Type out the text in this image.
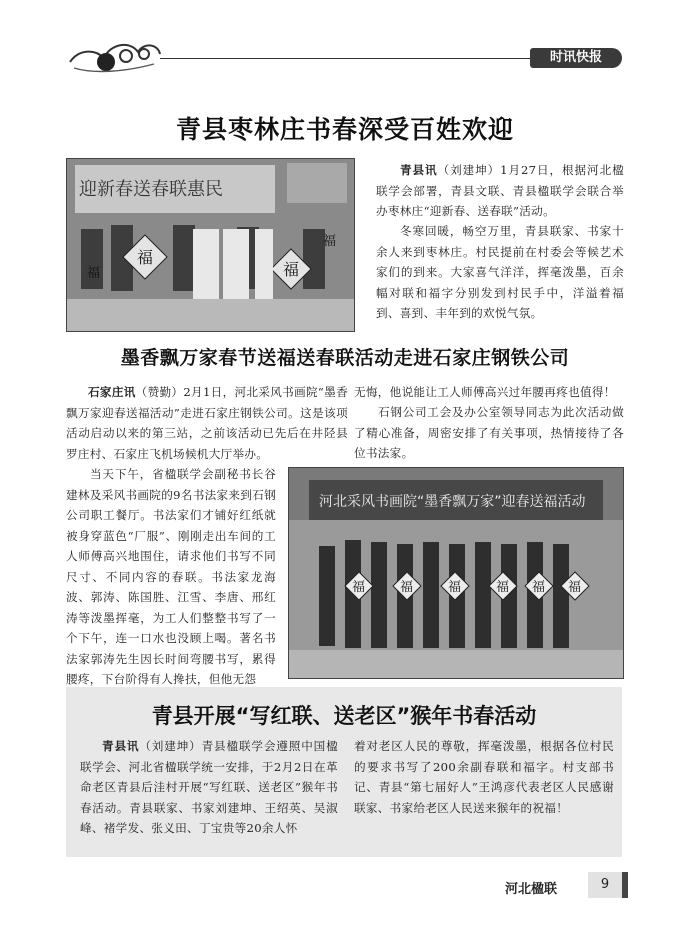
时讯快报
青县枣林庄书春深受百姓欢迎
迎新春送春联惠民
福
福
福
福

青县讯（刘建坤）1月27日，根据河北楹联学会部署，青县文联、青县楹联学会联合举办枣林庄“迎新春、送春联”活动。

冬寒回暖，畅空万里，青县联家、书家十余人来到枣林庄。村民提前在村委会等候艺术家们的到来。大家喜气洋洋，挥毫泼墨，百余幅对联和福字分别发到村民手中，洋溢着福到、喜到、丰年到的欢悦气氛。

墨香飘万家春节送福送春联活动走进石家庄钢铁公司

石家庄讯（赞勤）2月1日，河北采风书画院“墨香飘万家迎春送福活动”走进石家庄钢铁公司。这是该项活动启动以来的第三站，之前该活动已先后在井陉县罗庄村、石家庄飞机场候机大厅举办。

当天下午，省楹联学会副秘书长谷建林及采风书画院的9名书法家来到石钢公司职工餐厅。书法家们才铺好红纸就被身穿蓝色“厂服”、刚刚走出车间的工人师傅高兴地围住，请求他们书写不同尺寸、不同内容的春联。书法家龙海波、郭涛、陈国胜、江雪、李唐、邢红涛等泼墨挥毫，为工人们整整书写了一个下午，连一口水也没顾上喝。著名书法家郭涛先生因长时间弯腰书写，累得腰疼，下台阶得有人搀扶，但他无怨

无悔，他说能让工人师傅高兴过年腰再疼也值得！

石钢公司工会及办公室领导同志为此次活动做了精心准备，周密安排了有关事项，热情接待了各位书法家。

河北采风书画院“墨香飘万家”迎春送福活动
福	福	福	福 福 福
青县开展“写红联、送老区”猴年书春活动

青县讯（刘建坤）青县楹联学会遵照中国楹联学会、河北省楹联学统一安排，于2月2日在革命老区青县后洼村开展“写红联、送老区”猴年书春活动。青县联家、书家刘建坤、王绍英、吴淑峰、褚学发、张义田、丁宝贵等20余人怀

着对老区人民的尊敬，挥毫泼墨，根据各位村民的要求书写了200余副春联和福字。村支部书记、青县“第七届好人”王鸿彦代表老区人民感谢联家、书家给老区人民送来猴年的祝福！

河北楹联	9
